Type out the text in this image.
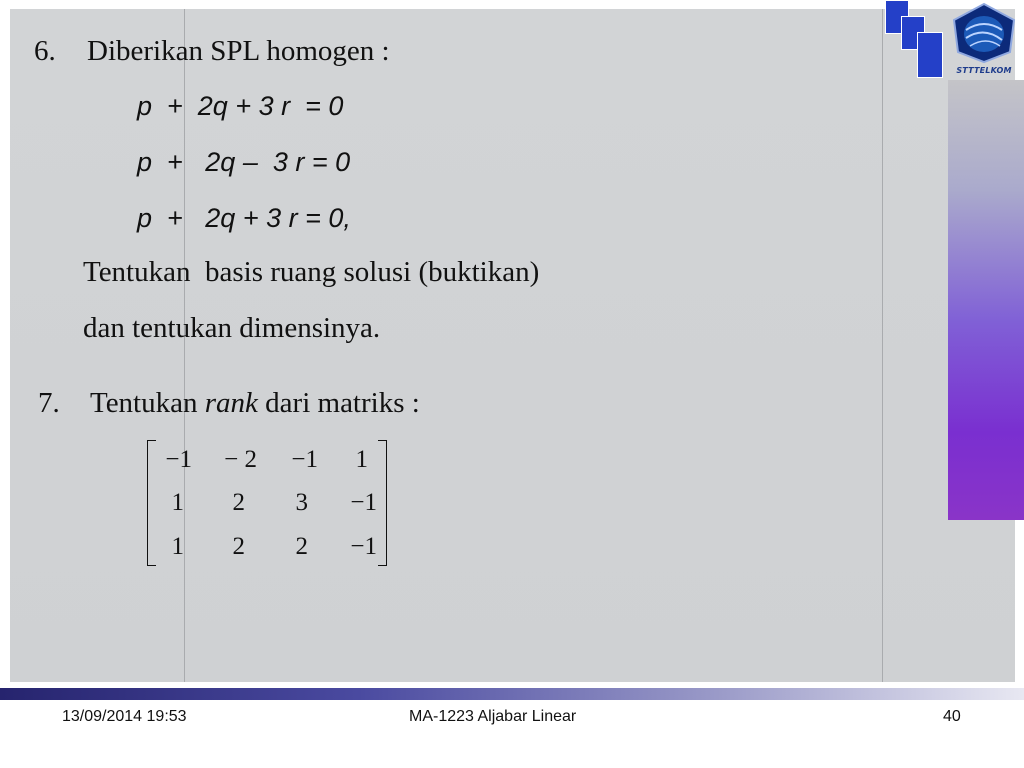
STTTELKOM
6. Diberikan SPL homogen :
p  +  2q + 3 r  = 0
p  +   2q –  3 r = 0
p  +   2q + 3 r = 0,
Tentukan  basis ruang solusi (buktikan)
dan tentukan dimensinya.
7. Tentukan rank dari matriks :
−1	− 2	−1	1
1	2	3	−1
1	2	2	−1
13/09/2014 19:53	MA-1223 Aljabar Linear	40
